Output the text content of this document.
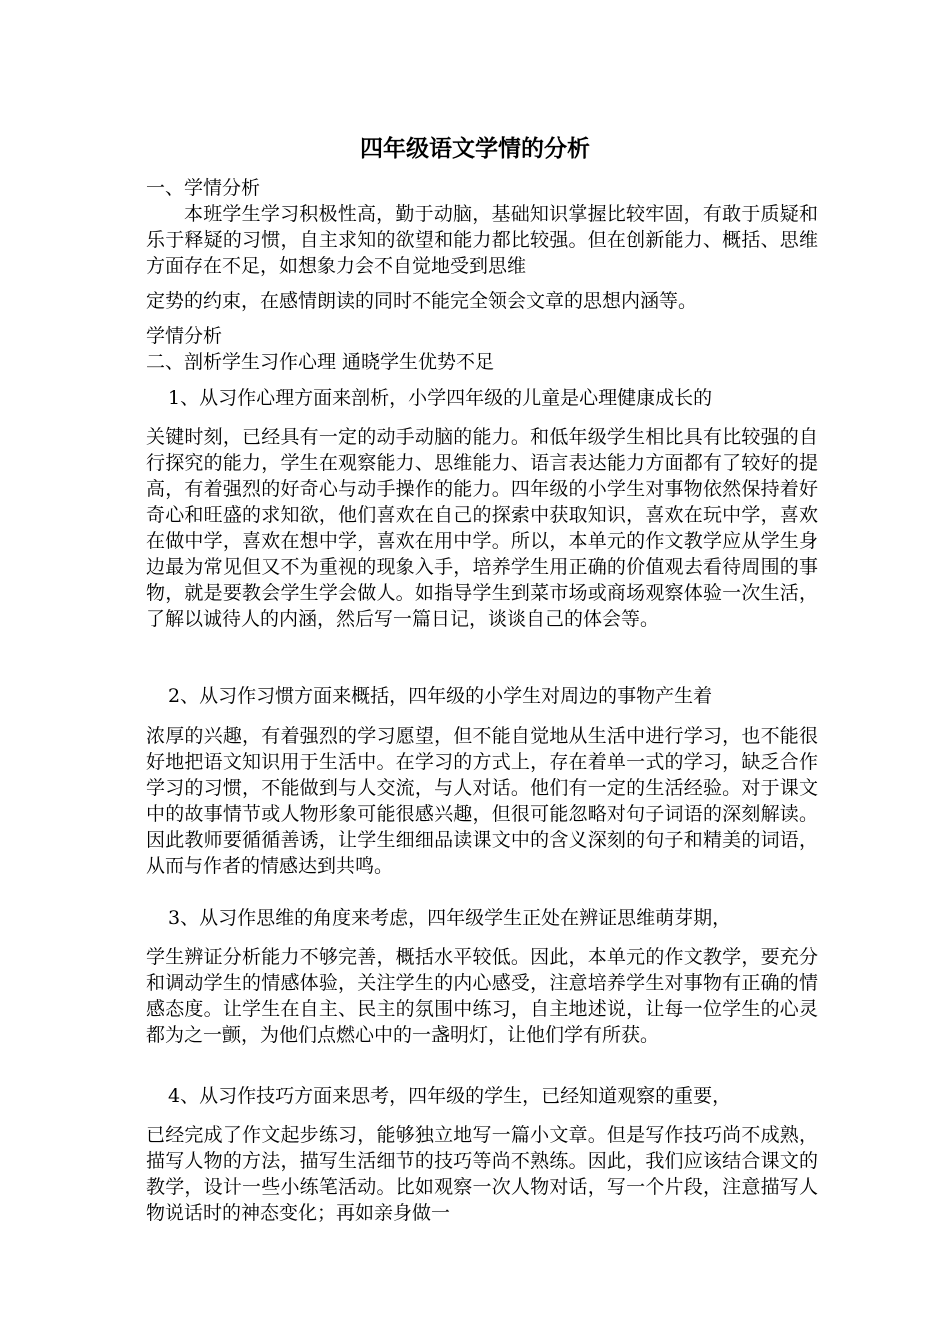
四年级语文学情的分析

一、学情分析

本班学生学习积极性高，勤于动脑，基础知识掌握比较牢固，有敢于质疑和乐于释疑的习惯，自主求知的欲望和能力都比较强。但在创新能力、概括、思维方面存在不足，如想象力会不自觉地受到思维

定势的约束，在感情朗读的同时不能完全领会文章的思想内涵等。

学情分析

二、剖析学生习作心理 通晓学生优势不足

1、从习作心理方面来剖析，小学四年级的儿童是心理健康成长的

关键时刻，已经具有一定的动手动脑的能力。和低年级学生相比具有比较强的自行探究的能力，学生在观察能力、思维能力、语言表达能力方面都有了较好的提高，有着强烈的好奇心与动手操作的能力。四年级的小学生对事物依然保持着好奇心和旺盛的求知欲，他们喜欢在自己的探索中获取知识，喜欢在玩中学，喜欢在做中学，喜欢在想中学，喜欢在用中学。所以，本单元的作文教学应从学生身边最为常见但又不为重视的现象入手，培养学生用正确的价值观去看待周围的事物，就是要教会学生学会做人。如指导学生到菜市场或商场观察体验一次生活，了解以诚待人的内涵，然后写一篇日记，谈谈自己的体会等。

2、从习作习惯方面来概括，四年级的小学生对周边的事物产生着

浓厚的兴趣，有着强烈的学习愿望，但不能自觉地从生活中进行学习，也不能很好地把语文知识用于生活中。在学习的方式上，存在着单一式的学习，缺乏合作学习的习惯，不能做到与人交流，与人对话。他们有一定的生活经验。对于课文中的故事情节或人物形象可能很感兴趣，但很可能忽略对句子词语的深刻解读。因此教师要循循善诱，让学生细细品读课文中的含义深刻的句子和精美的词语，从而与作者的情感达到共鸣。

3、从习作思维的角度来考虑，四年级学生正处在辨证思维萌芽期，

学生辨证分析能力不够完善，概括水平较低。因此，本单元的作文教学，要充分和调动学生的情感体验，关注学生的内心感受，注意培养学生对事物有正确的情感态度。让学生在自主、民主的氛围中练习，自主地述说，让每一位学生的心灵都为之一颤，为他们点燃心中的一盏明灯，让他们学有所获。

4、从习作技巧方面来思考，四年级的学生，已经知道观察的重要，

已经完成了作文起步练习，能够独立地写一篇小文章。但是写作技巧尚不成熟，描写人物的方法，描写生活细节的技巧等尚不熟练。因此，我们应该结合课文的教学，设计一些小练笔活动。比如观察一次人物对话，写一个片段，注意描写人物说话时的神态变化；再如亲身做一
